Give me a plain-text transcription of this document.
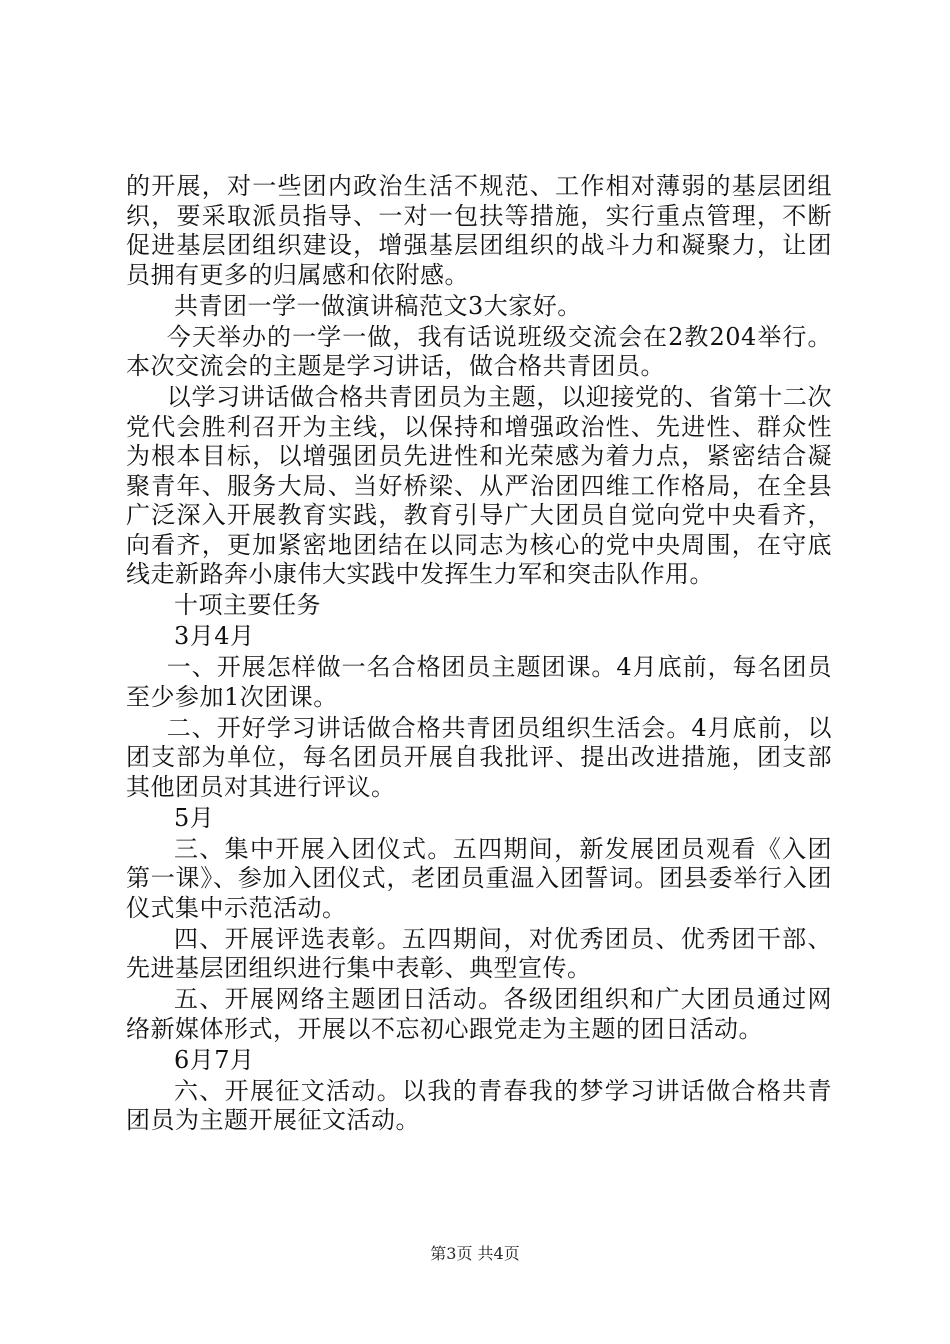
的开展，对一些团内政治生活不规范、工作相对薄弱的基层团组织，要采取派员指导、一对一包扶等措施，实行重点管理，不断促进基层团组织建设，增强基层团组织的战斗力和凝聚力，让团员拥有更多的归属感和依附感。

共青团一学一做演讲稿范文3大家好。

今天举办的一学一做，我有话说班级交流会在2教204举行。本次交流会的主题是学习讲话，做合格共青团员。

以学习讲话做合格共青团员为主题，以迎接党的、省第十二次党代会胜利召开为主线，以保持和增强政治性、先进性、群众性为根本目标，以增强团员先进性和光荣感为着力点，紧密结合凝聚青年、服务大局、当好桥梁、从严治团四维工作格局，在全县广泛深入开展教育实践，教育引导广大团员自觉向党中央看齐，向看齐，更加紧密地团结在以同志为核心的党中央周围，在守底线走新路奔小康伟大实践中发挥生力军和突击队作用。

十项主要任务

3月4月

一、开展怎样做一名合格团员主题团课。4月底前，每名团员至少参加1次团课。

二、开好学习讲话做合格共青团员组织生活会。4月底前，以团支部为单位，每名团员开展自我批评、提出改进措施，团支部其他团员对其进行评议。

5月

三、集中开展入团仪式。五四期间，新发展团员观看《入团第一课》、参加入团仪式，老团员重温入团誓词。团县委举行入团仪式集中示范活动。

四、开展评选表彰。五四期间，对优秀团员、优秀团干部、先进基层团组织进行集中表彰、典型宣传。

五、开展网络主题团日活动。各级团组织和广大团员通过网络新媒体形式，开展以不忘初心跟党走为主题的团日活动。

6月7月

六、开展征文活动。以我的青春我的梦学习讲话做合格共青团员为主题开展征文活动。

第3页 共4页
